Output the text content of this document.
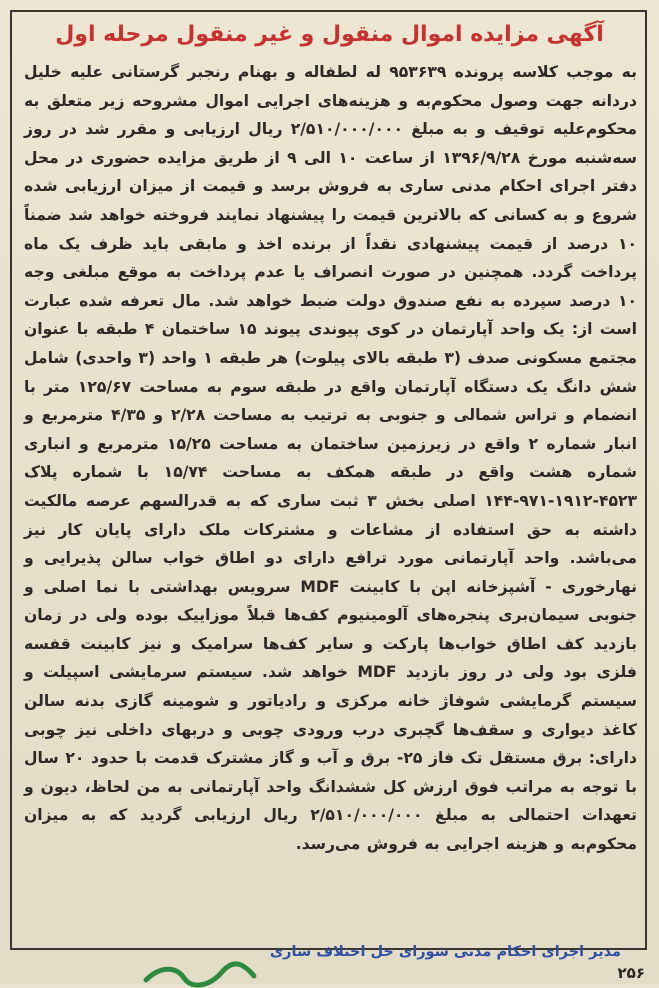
آگهی مزایده اموال منقول و غیر منقول مرحله اول
به موجب کلاسه پرونده ۹۵۳۶۳۹ له لطفاله و بهنام رنجبر گرستانی علیه خلیل دردانه جهت وصول محکوم‌به و هزینه‌های اجرایی اموال مشروحه زیر متعلق به محکوم‌علیه توقیف و به مبلغ ۲/۵۱۰/۰۰۰/۰۰۰ ریال ارزیابی و مقرر شد در روز سه‌شنبه مورخ ۱۳۹۶/۹/۲۸ از ساعت ۱۰ الی ۹ از طریق مزایده حضوری در محل دفتر اجرای احکام مدنی ساری به فروش برسد و قیمت از میزان ارزیابی شده شروع و به کسانی که بالاترین قیمت را پیشنهاد نمایند فروخته خواهد شد ضمناً ۱۰ درصد از قیمت پیشنهادی نقداً از برنده اخذ و مابقی باید ظرف یک ماه پرداخت گردد. همچنین در صورت انصراف یا عدم پرداخت به موقع مبلغی وجه ۱۰ درصد سپرده به نفع صندوق دولت ضبط خواهد شد. مال تعرفه شده عبارت است از: یک واحد آپارتمان در کوی پیوندی پیوند ۱۵ ساختمان ۴ طبقه با عنوان مجتمع مسکونی صدف (۳ طبقه بالای پیلوت) هر طبقه ۱ واحد (۳ واحدی) شامل شش دانگ یک دستگاه آپارتمان واقع در طبقه سوم به مساحت ۱۲۵/۶۷ متر با انضمام و تراس شمالی و جنوبی به ترتیب به مساحت ۲/۲۸ و ۴/۳۵ مترمربع و انبار شماره ۲ واقع در زیرزمین ساختمان به مساحت ۱۵/۲۵ مترمربع و انباری شماره هشت واقع در طبقه همکف به مساحت ۱۵/۷۴ با شماره پلاک ۴۵۲۳-۱۹۱۲-۹۷۱-۱۴۴ اصلی بخش ۳ ثبت ساری که به قدرالسهم عرصه مالکیت داشته به حق استفاده از مشاعات و مشترکات ملک دارای پایان کار نیز می‌باشد. واحد آپارتمانی مورد ترافع دارای دو اطاق خواب سالن پذیرایی و نهارخوری - آشپزخانه اپن با کابینت MDF سرویس بهداشتی با نما اصلی و جنوبی سیمان‌بری پنجره‌های آلومینیوم کف‌ها قبلاً موزاییک بوده ولی در زمان بازدید کف اطاق خواب‌ها پارکت و سایر کف‌ها سرامیک و نیز کابینت قفسه فلزی بود ولی در روز بازدید MDF خواهد شد. سیستم سرمایشی اسپیلت و سیستم گرمایشی شوفاژ خانه مرکزی و رادیاتور و شومینه گازی بدنه سالن کاغذ دیواری و سقف‌ها گچبری درب ورودی چوبی و دربهای داخلی نیز چوبی دارای: برق مستقل تک فاز ۲۵- برق و آب و گاز مشترک قدمت با حدود ۲۰ سال با توجه به مراتب فوق ارزش کل ششدانگ واحد آپارتمانی به من لحاظ، دیون و تعهدات احتمالی به مبلغ ۲/۵۱۰/۰۰۰/۰۰۰ ریال ارزیابی گردید که به میزان محکوم‌به و هزینه اجرایی به فروش می‌رسد.
مدیر اجرای احکام مدنی شورای حل اختلاف ساری
۲۵۶
